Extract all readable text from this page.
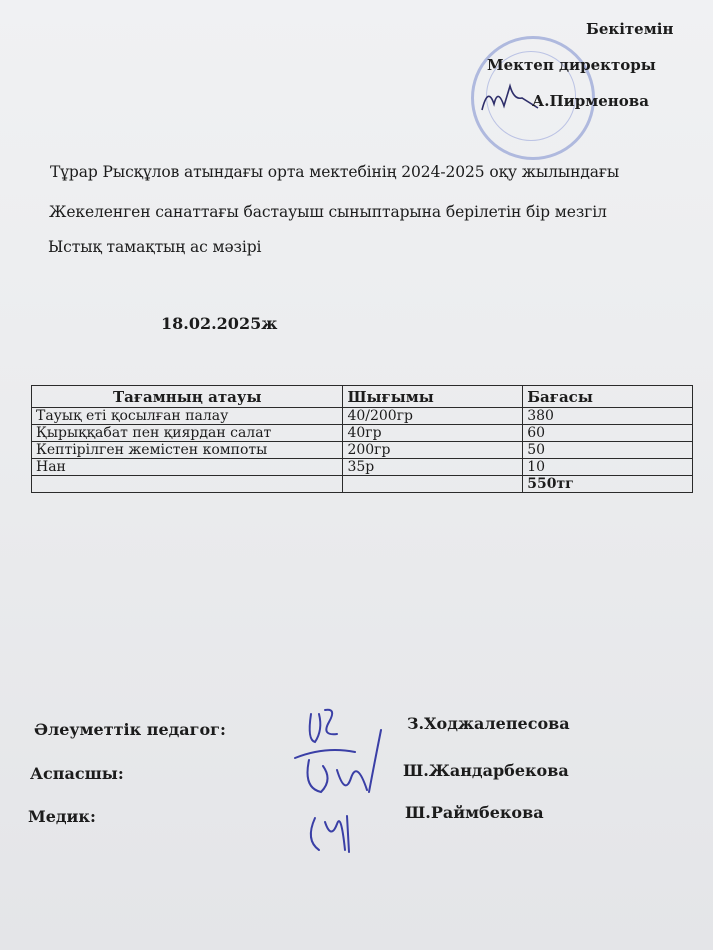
Бекітемін
Мектеп директоры
А.Пирменова
Тұрар Рысқұлов атындағы орта мектебінің 2024-2025 оқу жылындағы
Жекеленген санаттағы бастауыш сыныптарына берілетін бір мезгіл
Ыстық тамақтың ас мәзірі
18.02.2025ж
Тағамның атауы	Шығымы	Бағасы
Тауық еті қосылған палау	40/200гр	380
Қырыққабат пен қиярдан салат	40гр	60
Кептірілген жемістен компоты	200гр	50
Нан	35р	10
		550тг
Әлеуметтік педагог:	З.Ходжалепесова
Аспасшы:	Ш.Жандарбекова
Медик:	Ш.Раймбекова
